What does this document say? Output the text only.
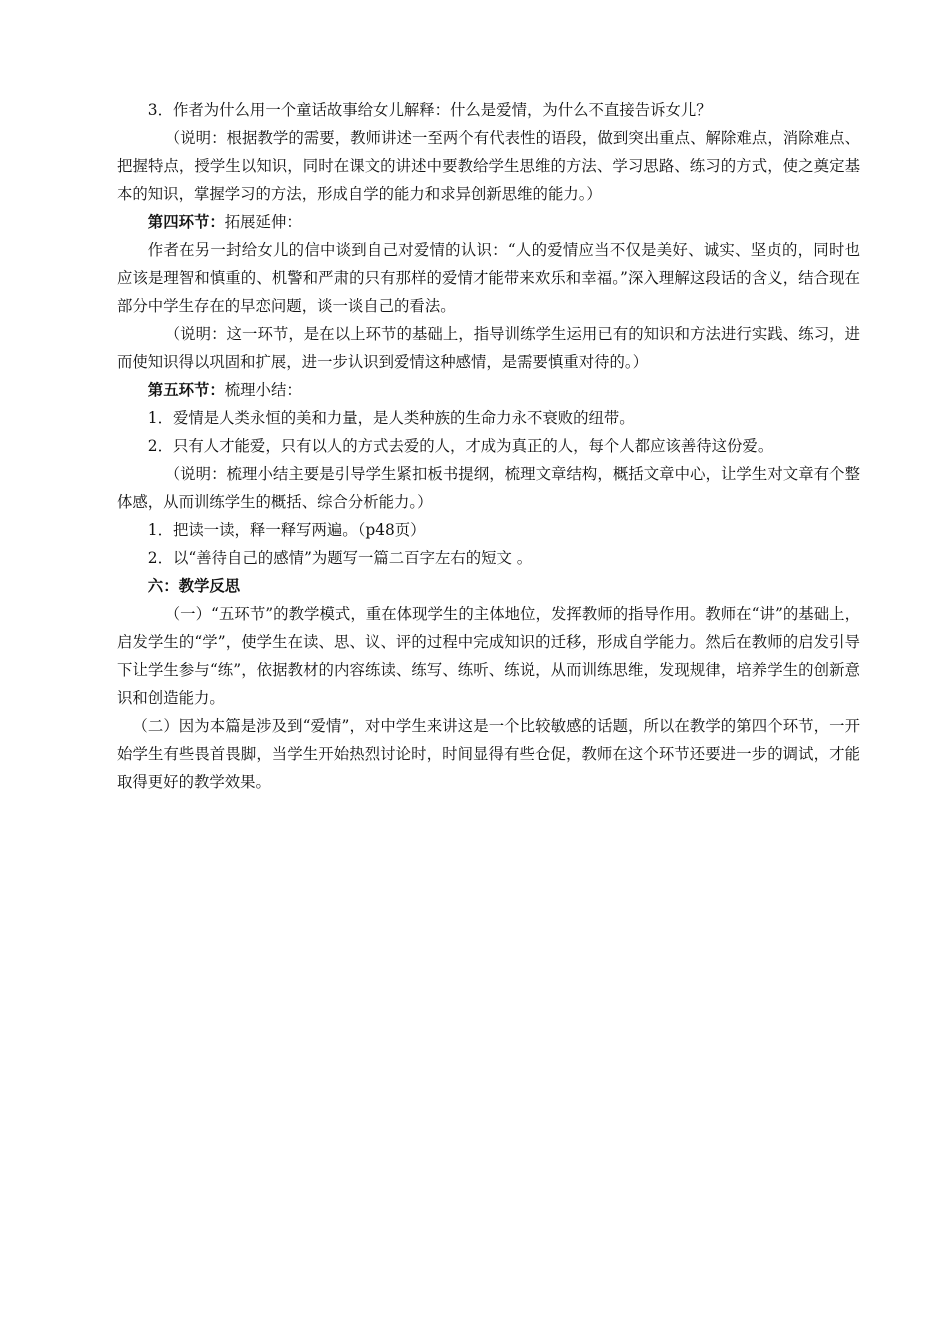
3．作者为什么用一个童话故事给女儿解释：什么是爱情，为什么不直接告诉女儿？

（说明：根据教学的需要，教师讲述一至两个有代表性的语段，做到突出重点、解除难点，消除难点、把握特点，授学生以知识，同时在课文的讲述中要教给学生思维的方法、学习思路、练习的方式，使之奠定基本的知识，掌握学习的方法，形成自学的能力和求异创新思维的能力。）

第四环节：拓展延伸：

作者在另一封给女儿的信中谈到自己对爱情的认识：“人的爱情应当不仅是美好、诚实、坚贞的，同时也应该是理智和慎重的、机警和严肃的只有那样的爱情才能带来欢乐和幸福。”深入理解这段话的含义，结合现在部分中学生存在的早恋问题，谈一谈自己的看法。

（说明：这一环节，是在以上环节的基础上，指导训练学生运用已有的知识和方法进行实践、练习，进而使知识得以巩固和扩展，进一步认识到爱情这种感情，是需要慎重对待的。）

第五环节：梳理小结：

1．爱情是人类永恒的美和力量，是人类种族的生命力永不衰败的纽带。

2．只有人才能爱，只有以人的方式去爱的人，才成为真正的人，每个人都应该善待这份爱。

（说明：梳理小结主要是引导学生紧扣板书提纲，梳理文章结构，概括文章中心，让学生对文章有个整体感，从而训练学生的概括、综合分析能力。）

1．把读一读，释一释写两遍。（p48页）

2．以“善待自己的感情”为题写一篇二百字左右的短文 。

六：教学反思

（一）“五环节”的教学模式，重在体现学生的主体地位，发挥教师的指导作用。教师在“讲”的基础上，启发学生的“学”，使学生在读、思、议、评的过程中完成知识的迁移，形成自学能力。然后在教师的启发引导下让学生参与“练”，依据教材的内容练读、练写、练听、练说，从而训练思维，发现规律，培养学生的创新意识和创造能力。

（二）因为本篇是涉及到“爱情”，对中学生来讲这是一个比较敏感的话题，所以在教学的第四个环节，一开始学生有些畏首畏脚，当学生开始热烈讨论时，时间显得有些仓促，教师在这个环节还要进一步的调试，才能取得更好的教学效果。
